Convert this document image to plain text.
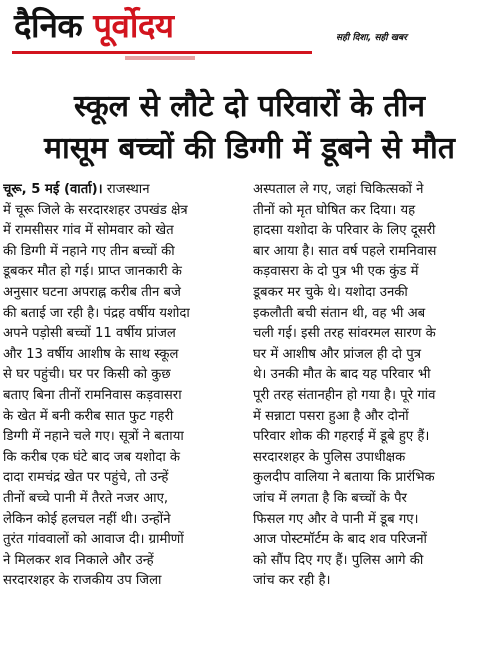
दैनिक पूर्वोदय	सही दिशा, सही खबर
स्कूल से लौटे दो परिवारों के तीन
मासूम बच्चों की डिग्गी में डूबने से मौत
चूरू, 5 मई (वार्ता)। राजस्थान
में चूरू जिले के सरदारशहर उपखंड क्षेत्र
में रामसीसर गांव में सोमवार को खेत
की डिग्गी में नहाने गए तीन बच्चों की
डूबकर मौत हो गई। प्राप्त जानकारी के
अनुसार घटना अपराह्न करीब तीन बजे
की बताई जा रही है। पंद्रह वर्षीय यशोदा
अपने पड़ोसी बच्चों 11 वर्षीय प्रांजल
और 13 वर्षीय आशीष के साथ स्कूल
से घर पहुंची। घर पर किसी को कुछ
बताए बिना तीनों रामनिवास कड़वासरा
के खेत में बनी करीब सात फुट गहरी
डिग्गी में नहाने चले गए। सूत्रों ने बताया
कि करीब एक घंटे बाद जब यशोदा के
दादा रामचंद्र खेत पर पहुंचे, तो उन्हें
तीनों बच्चे पानी में तैरते नजर आए,
लेकिन कोई हलचल नहीं थी। उन्होंने
तुरंत गांववालों को आवाज दी। ग्रामीणों
ने मिलकर शव निकाले और उन्हें
सरदारशहर के राजकीय उप जिला
अस्पताल ले गए, जहां चिकित्सकों ने
तीनों को मृत घोषित कर दिया। यह
हादसा यशोदा के परिवार के लिए दूसरी
बार आया है। सात वर्ष पहले रामनिवास
कड़वासरा के दो पुत्र भी एक कुंड में
डूबकर मर चुके थे। यशोदा उनकी
इकलौती बची संतान थी, वह भी अब
चली गई। इसी तरह सांवरमल सारण के
घर में आशीष और प्रांजल ही दो पुत्र
थे। उनकी मौत के बाद यह परिवार भी
पूरी तरह संतानहीन हो गया है। पूरे गांव
में सन्नाटा पसरा हुआ है और दोनों
परिवार शोक की गहराई में डूबे हुए हैं।
सरदारशहर के पुलिस उपाधीक्षक
कुलदीप वालिया ने बताया कि प्रारंभिक
जांच में लगता है कि बच्चों के पैर
फिसल गए और वे पानी में डूब गए।
आज पोस्टमॉर्टम के बाद शव परिजनों
को सौंप दिए गए हैं। पुलिस आगे की
जांच कर रही है।
